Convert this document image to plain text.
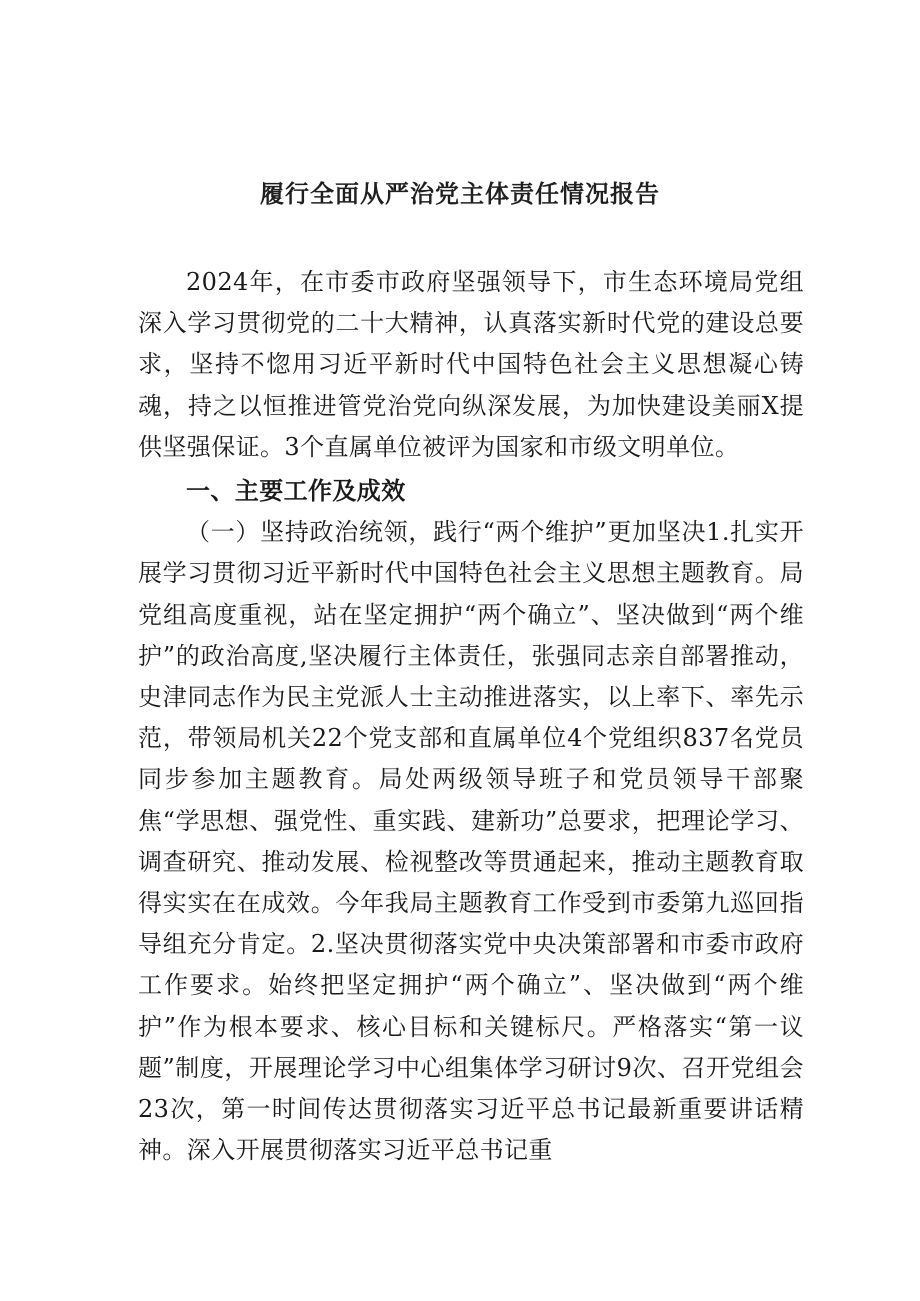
履行全面从严治党主体责任情况报告

2024年，在市委市政府坚强领导下，市生态环境局党组深入学习贯彻党的二十大精神，认真落实新时代党的建设总要求，坚持不惚用习近平新时代中国特色社会主义思想凝心铸魂，持之以恒推进管党治党向纵深发展，为加快建设美丽X提供坚强保证。3个直属单位被评为国家和市级文明单位。

一、主要工作及成效

（一）坚持政治统领，践行“两个维护”更加坚决1.扎实开展学习贯彻习近平新时代中国特色社会主义思想主题教育。局党组高度重视，站在坚定拥护“两个确立”、坚决做到“两个维护”的政治高度,坚决履行主体责任，张强同志亲自部署推动，史津同志作为民主党派人士主动推进落实，以上率下、率先示范，带领局机关22个党支部和直属单位4个党组织837名党员同步参加主题教育。局处两级领导班子和党员领导干部聚焦“学思想、强党性、重实践、建新功”总要求，把理论学习、调查研究、推动发展、检视整改等贯通起来，推动主题教育取得实实在在成效。今年我局主题教育工作受到市委第九巡回指导组充分肯定。2.坚决贯彻落实党中央决策部署和市委市政府工作要求。始终把坚定拥护“两个确立”、坚决做到“两个维护”作为根本要求、核心目标和关键标尺。严格落实“第一议题”制度，开展理论学习中心组集体学习研讨9次、召开党组会23次，第一时间传达贯彻落实习近平总书记最新重要讲话精神。深入开展贯彻落实习近平总书记重
